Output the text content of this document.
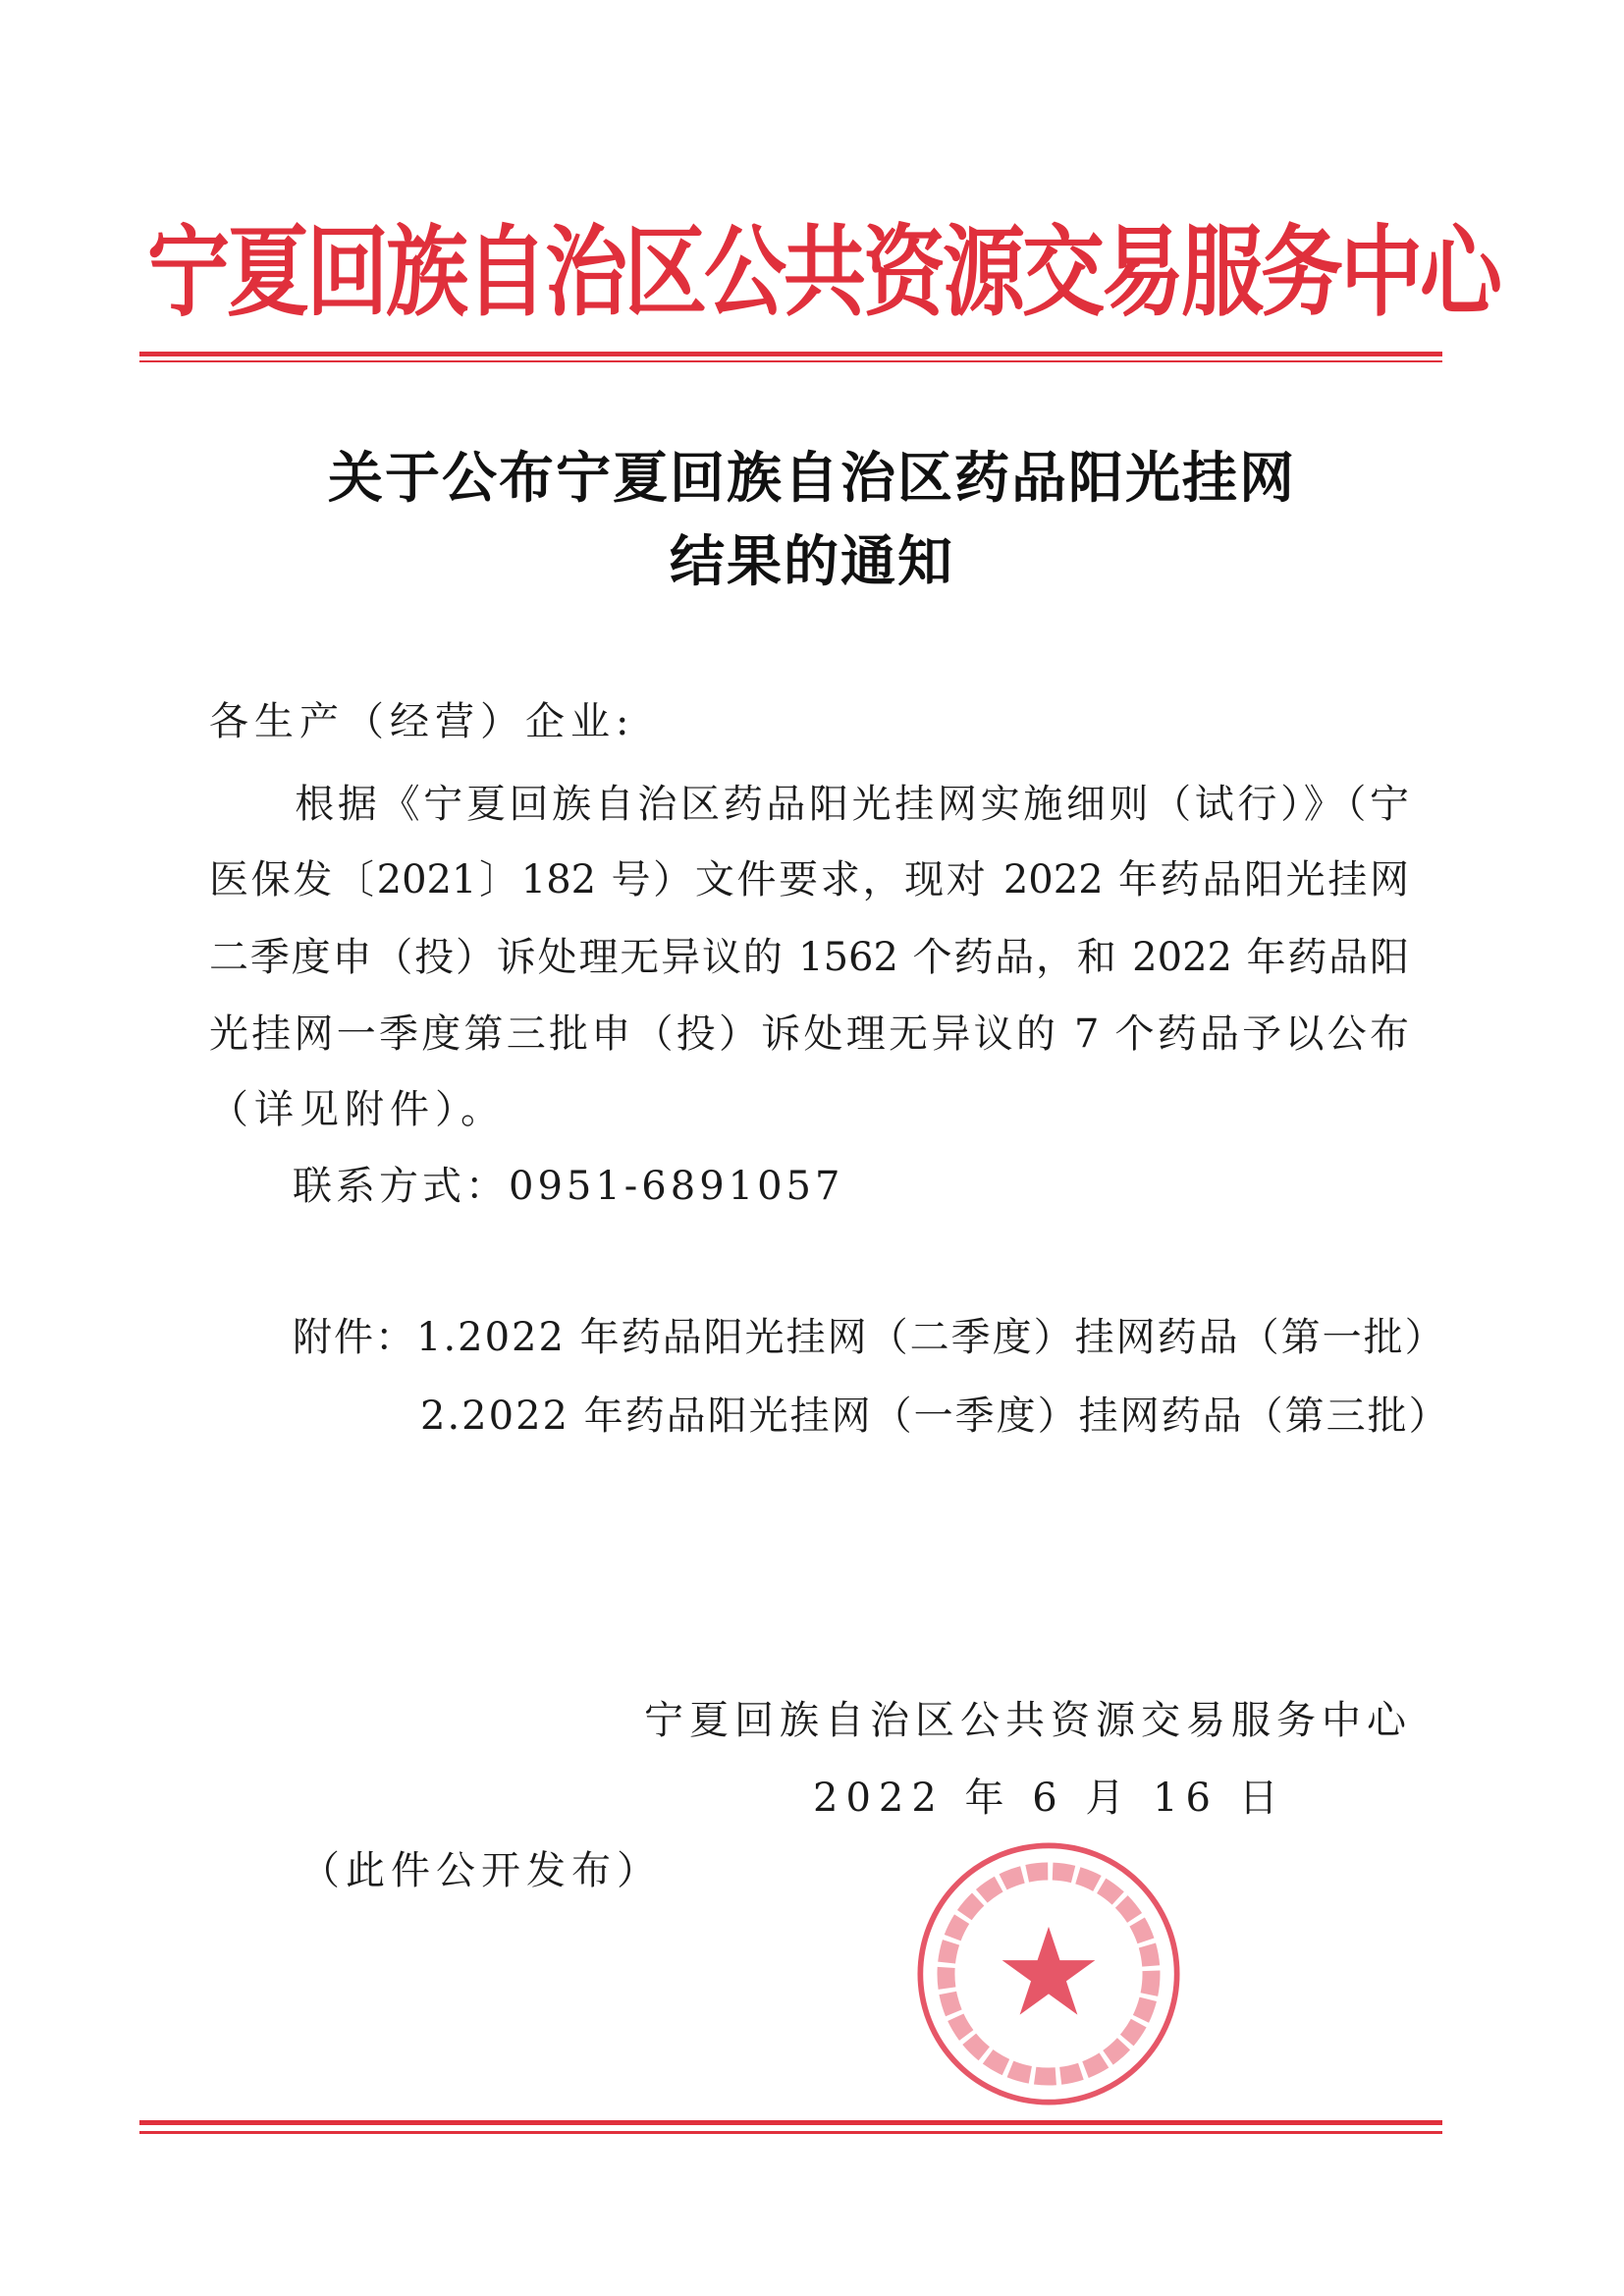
宁夏回族自治区公共资源交易服务中心
关于公布宁夏回族自治区药品阳光挂网
结果的通知
各生产（经营）企业:
　　根据《宁夏回族自治区药品阳光挂网实施细则（试行）》（宁
医保发〔2021〕182 号）文件要求，现对 2022 年药品阳光挂网
二季度申（投）诉处理无异议的 1562 个药品，和 2022 年药品阳
光挂网一季度第三批申（投）诉处理无异议的 7 个药品予以公布
（详见附件）。
联系方式：0951-6891057
附件：1.2022 年药品阳光挂网（二季度）挂网药品（第一批）
2.2022 年药品阳光挂网（一季度）挂网药品（第三批）
宁夏回族自治区公共资源交易服务中心
2022 年 6 月 16 日
（此件公开发布）
